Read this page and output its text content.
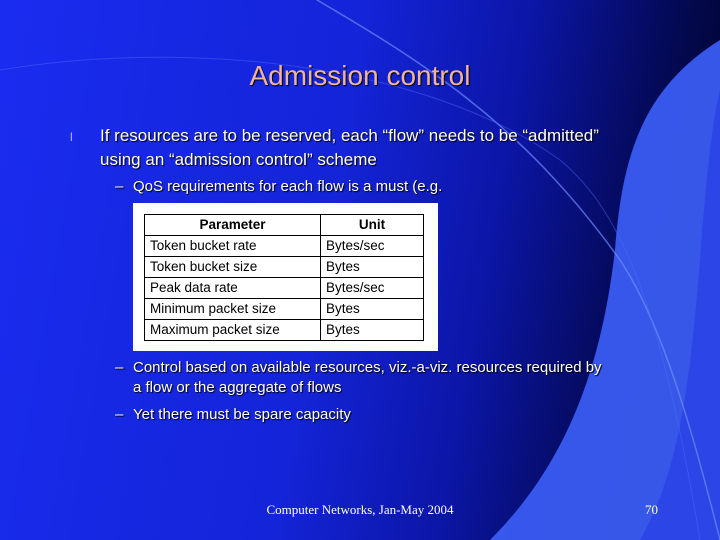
Admission control
l If resources are to be reserved, each “flow” needs to be “admitted” using an “admission control” scheme
– QoS requirements for each flow is a must (e.g.
Parameter	Unit
Token bucket rate	Bytes/sec
Token bucket size	Bytes
Peak data rate	Bytes/sec
Minimum packet size	Bytes
Maximum packet size	Bytes
– Control based on available resources, viz.-a-viz. resources required by a flow or the aggregate of flows
– Yet there must be spare capacity
Computer Networks, Jan-May 2004	70
